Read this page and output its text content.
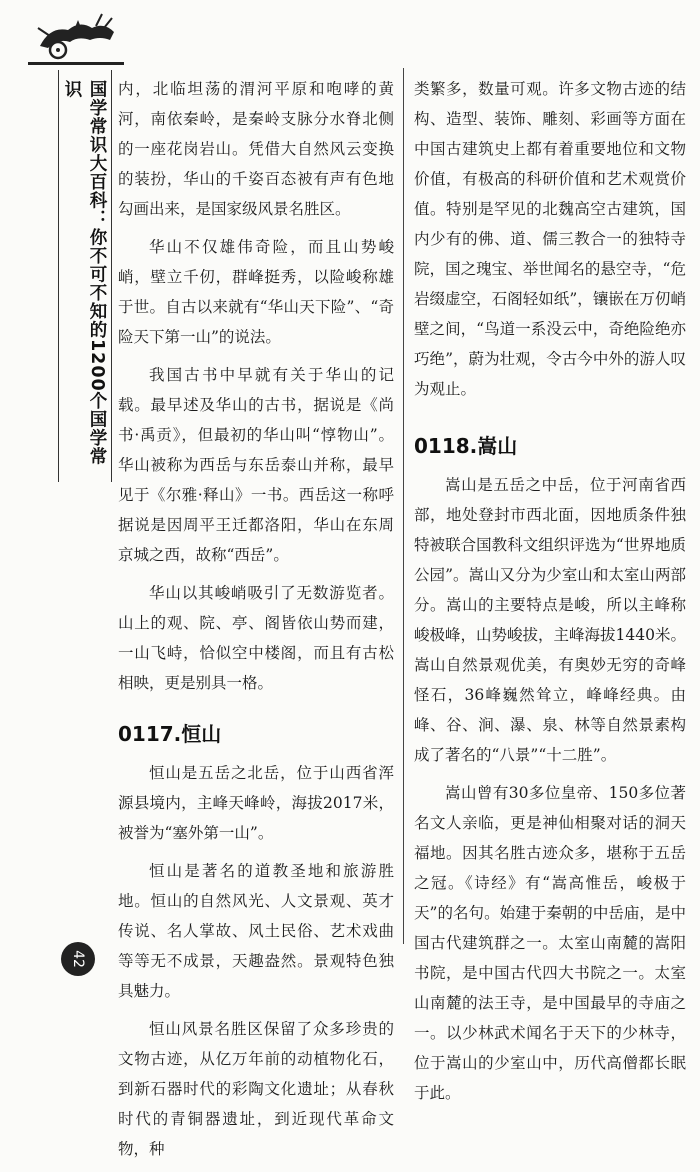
国学常识大百科：你不可不知的1200个国学常识
42

内，北临坦荡的渭河平原和咆哮的黄河，南依秦岭，是秦岭支脉分水脊北侧的一座花岗岩山。凭借大自然风云变换的装扮，华山的千姿百态被有声有色地勾画出来，是国家级风景名胜区。

华山不仅雄伟奇险，而且山势峻峭，壁立千仞，群峰挺秀，以险峻称雄于世。自古以来就有“华山天下险”、“奇险天下第一山”的说法。

我国古书中早就有关于华山的记载。最早述及华山的古书，据说是《尚书·禹贡》，但最初的华山叫“惇物山”。华山被称为西岳与东岳泰山并称，最早见于《尔雅·释山》一书。西岳这一称呼据说是因周平王迁都洛阳，华山在东周京城之西，故称“西岳”。

华山以其峻峭吸引了无数游览者。山上的观、院、亭、阁皆依山势而建，一山飞峙，恰似空中楼阁，而且有古松相映，更是别具一格。

0117.恒山

恒山是五岳之北岳，位于山西省浑源县境内，主峰天峰岭，海拔2017米，被誉为“塞外第一山”。

恒山是著名的道教圣地和旅游胜地。恒山的自然风光、人文景观、英才传说、名人掌故、风土民俗、艺术戏曲等等无不成景，天趣盎然。景观特色独具魅力。

恒山风景名胜区保留了众多珍贵的文物古迹，从亿万年前的动植物化石，到新石器时代的彩陶文化遗址；从春秋时代的青铜器遗址，到近现代革命文物，种

类繁多，数量可观。许多文物古迹的结构、造型、装饰、雕刻、彩画等方面在中国古建筑史上都有着重要地位和文物价值，有极高的科研价值和艺术观赏价值。特别是罕见的北魏高空古建筑，国内少有的佛、道、儒三教合一的独特寺院，国之瑰宝、举世闻名的悬空寺，“危岩缀虚空，石阁轻如纸”，镶嵌在万仞峭壁之间，“鸟道一系没云中，奇绝险绝亦巧绝”，蔚为壮观，令古今中外的游人叹为观止。

0118.嵩山

嵩山是五岳之中岳，位于河南省西部，地处登封市西北面，因地质条件独特被联合国教科文组织评选为“世界地质公园”。嵩山又分为少室山和太室山两部分。嵩山的主要特点是峻，所以主峰称峻极峰，山势峻拔，主峰海拔1440米。嵩山自然景观优美，有奥妙无穷的奇峰怪石，36峰巍然耸立，峰峰经典。由峰、谷、涧、瀑、泉、林等自然景素构成了著名的“八景”“十二胜”。

嵩山曾有30多位皇帝、150多位著名文人亲临，更是神仙相聚对话的洞天福地。因其名胜古迹众多，堪称于五岳之冠。《诗经》有“嵩高惟岳，峻极于天”的名句。始建于秦朝的中岳庙，是中国古代建筑群之一。太室山南麓的嵩阳书院，是中国古代四大书院之一。太室山南麓的法王寺，是中国最早的寺庙之一。以少林武术闻名于天下的少林寺，位于嵩山的少室山中，历代高僧都长眠于此。
